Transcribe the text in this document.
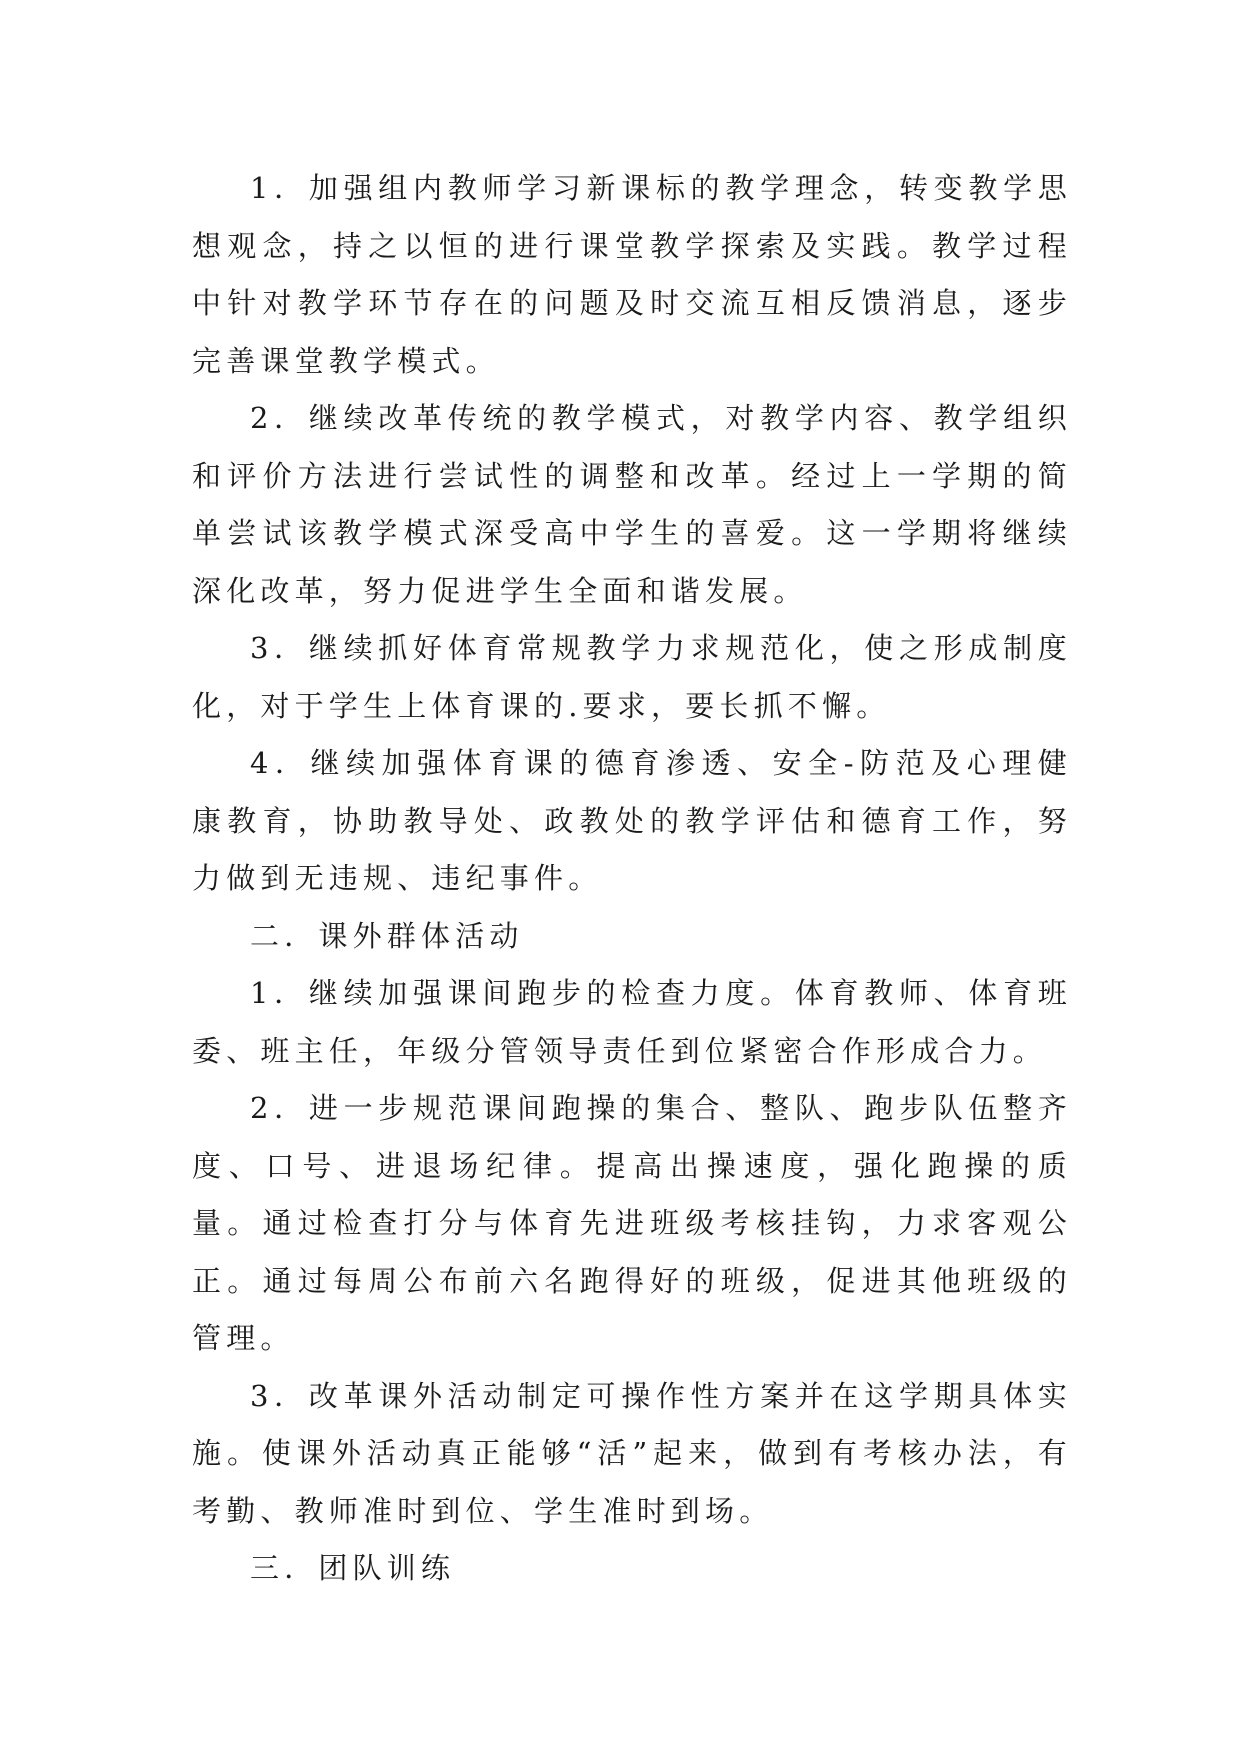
1．加强组内教师学习新课标的教学理念，转变教学思想观念，持之以恒的进行课堂教学探索及实践。教学过程中针对教学环节存在的问题及时交流互相反馈消息，逐步完善课堂教学模式。

2．继续改革传统的教学模式，对教学内容、教学组织和评价方法进行尝试性的调整和改革。经过上一学期的简单尝试该教学模式深受高中学生的喜爱。这一学期将继续深化改革，努力促进学生全面和谐发展。

3．继续抓好体育常规教学力求规范化，使之形成制度化，对于学生上体育课的.要求，要长抓不懈。

4．继续加强体育课的德育渗透、安全-防范及心理健康教育，协助教导处、政教处的教学评估和德育工作，努力做到无违规、违纪事件。

二．课外群体活动

1．继续加强课间跑步的检查力度。体育教师、体育班委、班主任，年级分管领导责任到位紧密合作形成合力。

2．进一步规范课间跑操的集合、整队、跑步队伍整齐度、口号、进退场纪律。提高出操速度，强化跑操的质量。通过检查打分与体育先进班级考核挂钩，力求客观公正。通过每周公布前六名跑得好的班级，促进其他班级的管理。

3．改革课外活动制定可操作性方案并在这学期具体实施。使课外活动真正能够“活”起来，做到有考核办法，有考勤、教师准时到位、学生准时到场。

三．团队训练
